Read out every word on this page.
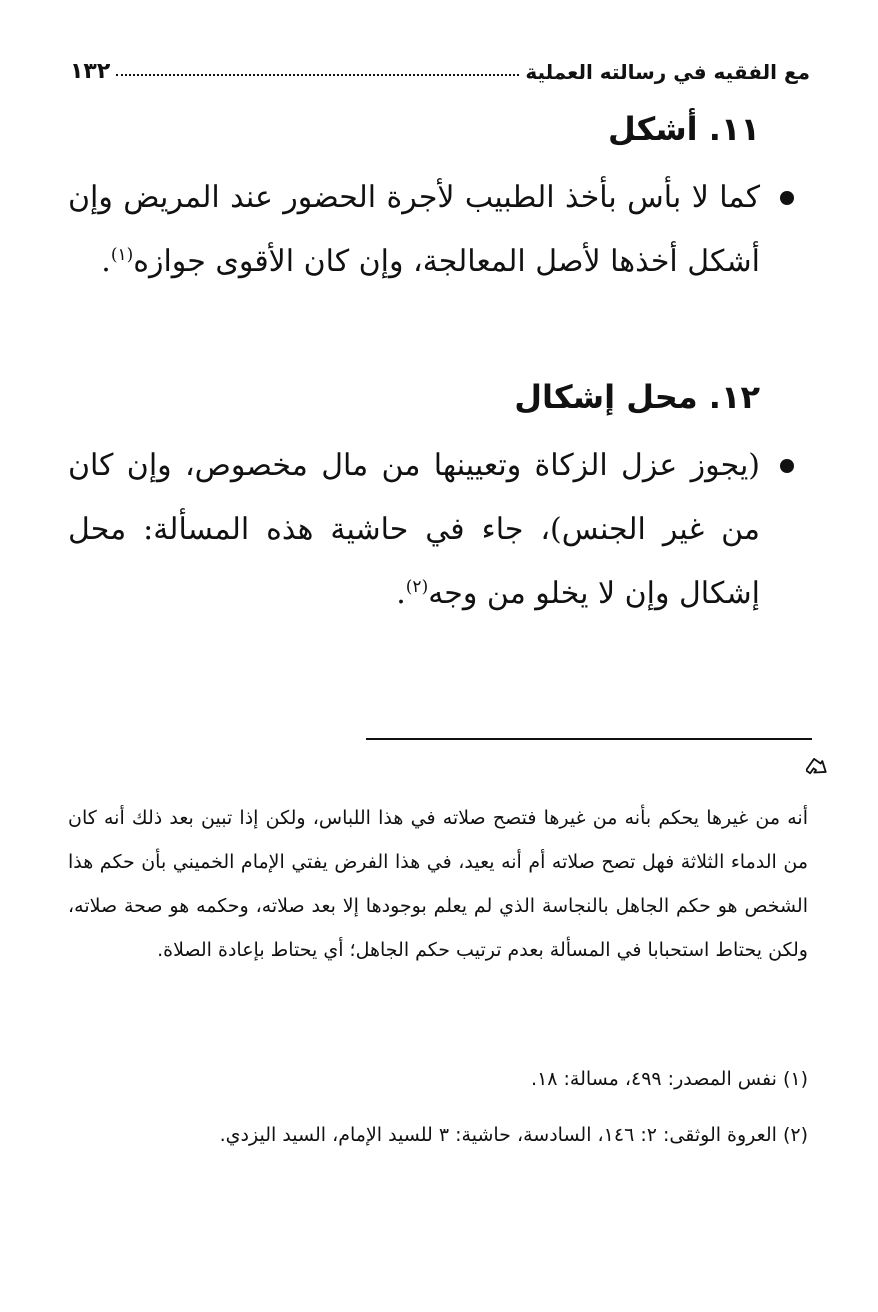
مع الفقيه في رسالته العملية
١٣٢
١١. أشكل
كما لا بأس بأخذ الطبيب لأجرة الحضور عند المريض وإن أشكل أخذها لأصل المعالجة، وإن كان الأقوى جوازه$^{(١)}$.
١٢. محل إشكال
(يجوز عزل الزكاة وتعيينها من مال مخصوص، وإن كان من غير الجنس)، جاء في حاشية هذه المسألة: محل إشكال وإن لا يخلو من وجه$^{(٢)}$.
أنه من غيرها يحكم بأنه من غيرها فتصح صلاته في هذا اللباس، ولكن إذا تبين بعد ذلك أنه كان من الدماء الثلاثة فهل تصح صلاته أم أنه يعيد، في هذا الفرض يفتي الإمام الخميني بأن حكم هذا الشخص هو حكم الجاهل بالنجاسة الذي لم يعلم بوجودها إلا بعد صلاته، وحكمه هو صحة صلاته، ولكن يحتاط استحبابا في المسألة بعدم ترتيب حكم الجاهل؛ أي يحتاط بإعادة الصلاة.
(١) نفس المصدر: ٤٩٩، مسالة: ١٨.
(٢) العروة الوثقى: ٢: ١٤٦، السادسة، حاشية: ٣ للسيد الإمام، السيد اليزدي.
